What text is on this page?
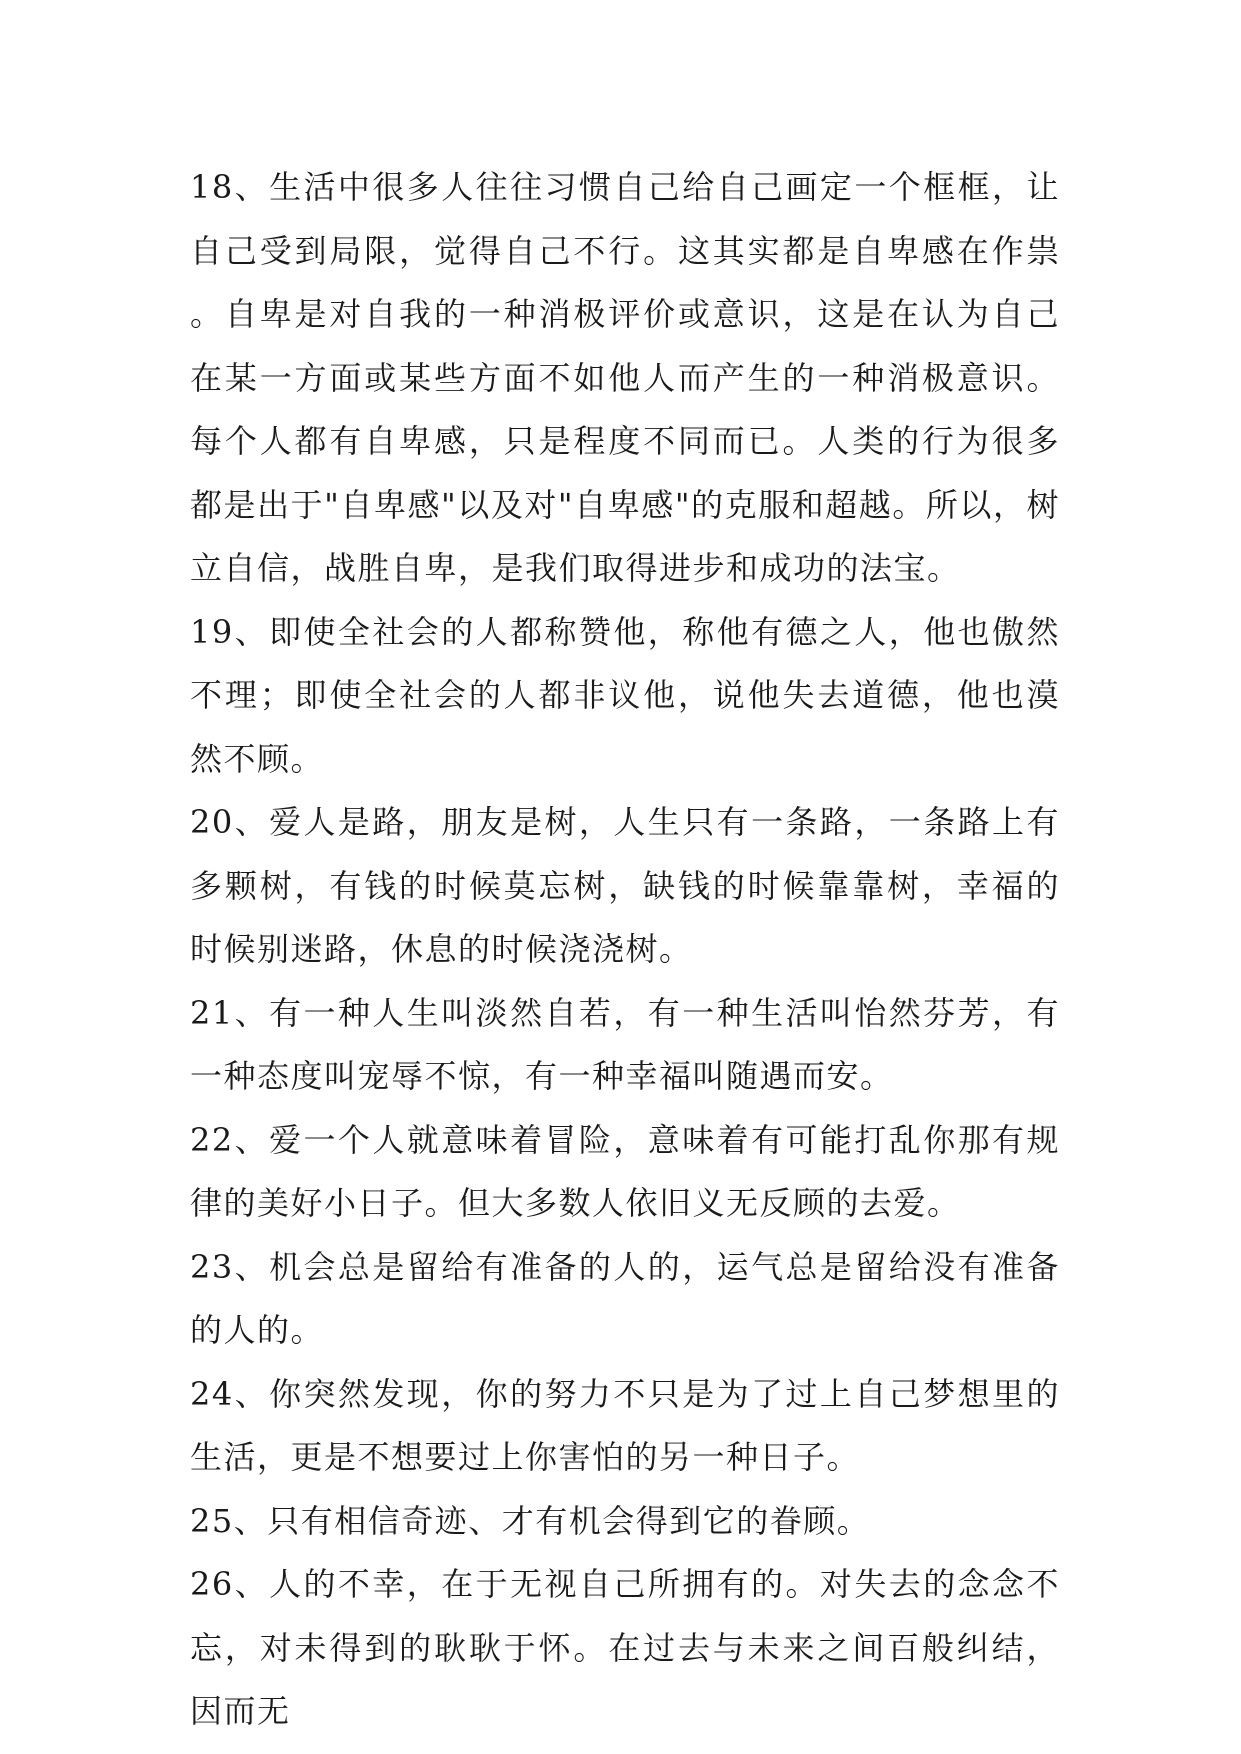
18、生活中很多人往往习惯自己给自己画定一个框框，让自己受到局限，觉得自己不行。这其实都是自卑感在作祟。自卑是对自我的一种消极评价或意识，这是在认为自己在某一方面或某些方面不如他人而产生的一种消极意识。每个人都有自卑感，只是程度不同而已。人类的行为很多都是出于"自卑感"以及对"自卑感"的克服和超越。所以，树立自信，战胜自卑，是我们取得进步和成功的法宝。

19、即使全社会的人都称赞他，称他有德之人，他也傲然不理；即使全社会的人都非议他，说他失去道德，他也漠然不顾。

20、爱人是路，朋友是树，人生只有一条路，一条路上有多颗树，有钱的时候莫忘树，缺钱的时候靠靠树，幸福的时候别迷路，休息的时候浇浇树。

21、有一种人生叫淡然自若，有一种生活叫怡然芬芳，有一种态度叫宠辱不惊，有一种幸福叫随遇而安。

22、爱一个人就意味着冒险，意味着有可能打乱你那有规律的美好小日子。但大多数人依旧义无反顾的去爱。

23、机会总是留给有准备的人的，运气总是留给没有准备的人的。

24、你突然发现，你的努力不只是为了过上自己梦想里的生活，更是不想要过上你害怕的另一种日子。

25、只有相信奇迹、才有机会得到它的眷顾。

26、人的不幸，在于无视自己所拥有的。对失去的念念不忘，对未得到的耿耿于怀。在过去与未来之间百般纠结，因而无
